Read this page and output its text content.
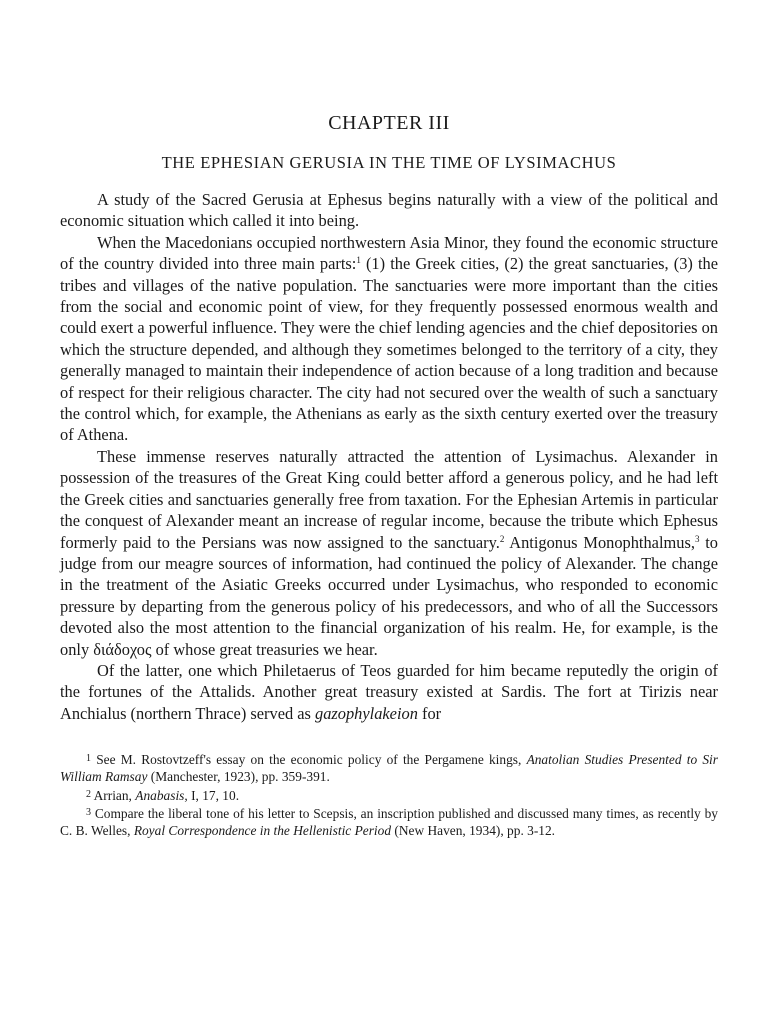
CHAPTER III
THE EPHESIAN GERUSIA IN THE TIME OF LYSIMACHUS

A study of the Sacred Gerusia at Ephesus begins naturally with a view of the political and economic situation which called it into being.

When the Macedonians occupied northwestern Asia Minor, they found the economic structure of the country divided into three main parts:$^1$ (1) the Greek cities, (2) the great sanctuaries, (3) the tribes and villages of the native population. The sanctuaries were more important than the cities from the social and economic point of view, for they frequently possessed enormous wealth and could exert a powerful influence. They were the chief lending agencies and the chief depositories on which the structure depended, and although they sometimes belonged to the territory of a city, they generally managed to maintain their independence of action because of a long tradition and because of respect for their religious character. The city had not secured over the wealth of such a sanctuary the control which, for example, the Athenians as early as the sixth century exerted over the treasury of Athena.

These immense reserves naturally attracted the attention of Lysimachus. Alexander in possession of the treasures of the Great King could better afford a generous policy, and he had left the Greek cities and sanctuaries generally free from taxation. For the Ephesian Artemis in particular the conquest of Alexander meant an increase of regular income, because the tribute which Ephesus formerly paid to the Persians was now assigned to the sanctuary.$^2$ Antigonus Monophthalmus,$^3$ to judge from our meagre sources of information, had continued the policy of Alexander. The change in the treatment of the Asiatic Greeks occurred under Lysimachus, who responded to economic pressure by departing from the generous policy of his predecessors, and who of all the Successors devoted also the most attention to the financial organization of his realm. He, for example, is the only διάδοχος of whose great treasuries we hear.

Of the latter, one which Philetaerus of Teos guarded for him became reputedly the origin of the fortunes of the Attalids. Another great treasury existed at Sardis. The fort at Tirizis near Anchialus (northern Thrace) served as gazophylakeion for

$^1$ See M. Rostovtzeff's essay on the economic policy of the Pergamene kings, Anatolian Studies Presented to Sir William Ramsay (Manchester, 1923), pp. 359-391.

$^2$ Arrian, Anabasis, I, 17, 10.

$^3$ Compare the liberal tone of his letter to Scepsis, an inscription published and discussed many times, as recently by C. B. Welles, Royal Correspondence in the Hellenistic Period (New Haven, 1934), pp. 3-12.
